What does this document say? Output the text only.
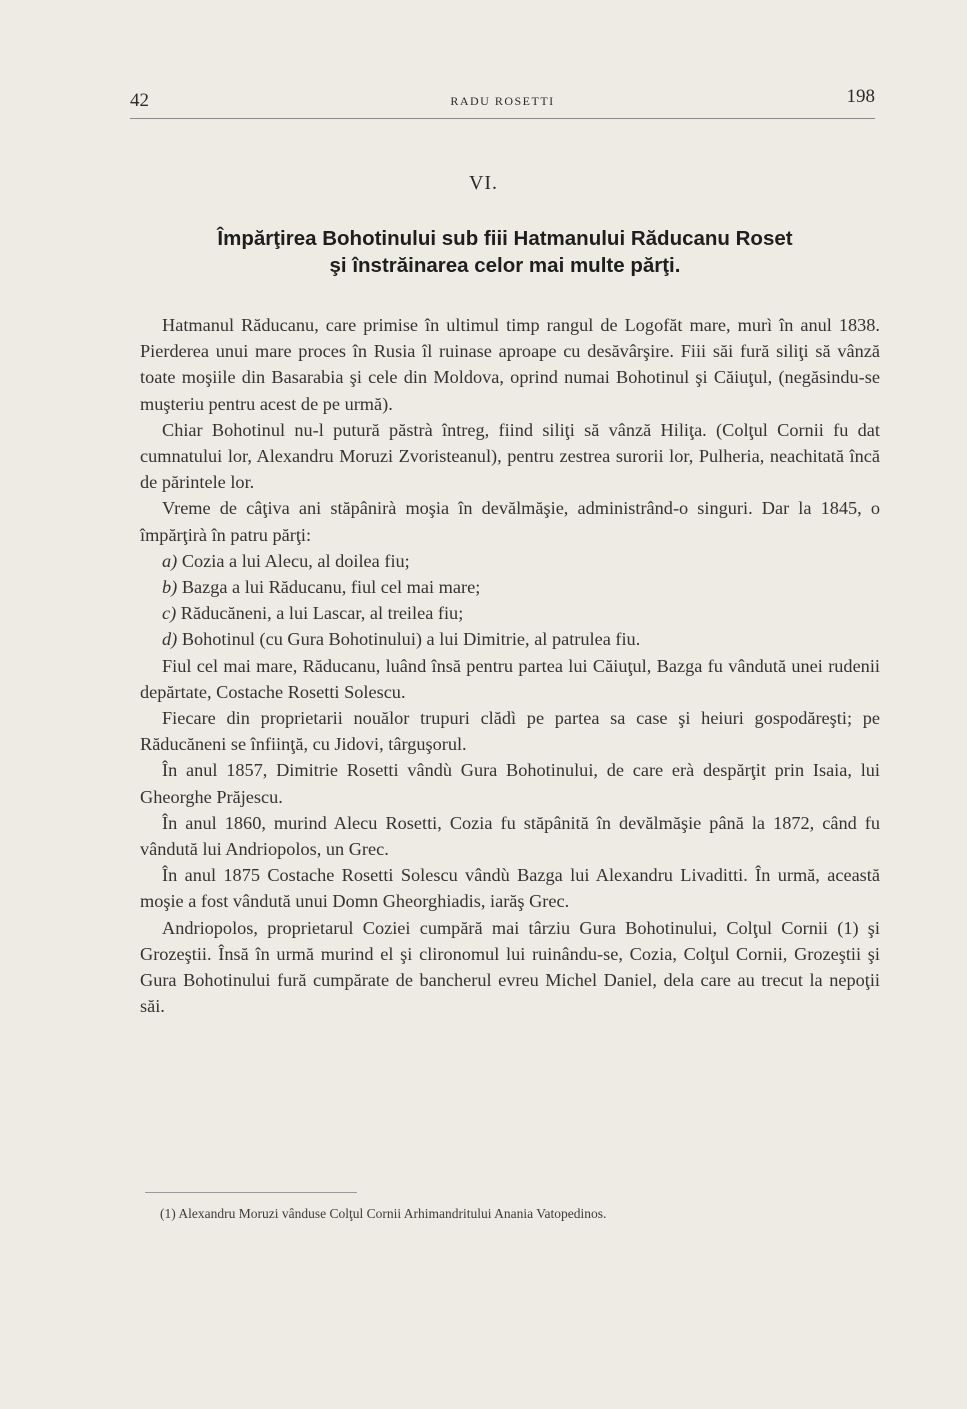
42	RADU ROSETTI	198
VI.
Împărţirea Bohotinului sub fiii Hatmanului Răducanu Roset
şi înstrăinarea celor mai multe părţi.

Hatmanul Răducanu, care primise în ultimul timp rangul de Logofăt mare, murì în anul 1838. Pierderea unui mare proces în Rusia îl ruinase aproape cu desăvârşire. Fiii săi fură siliţi să vânză toate moşiile din Basarabia şi cele din Moldova, oprind numai Bohotinul şi Căiuţul, (negăsindu-se muşteriu pentru acest de pe urmă).

Chiar Bohotinul nu-l putură păstrà întreg, fiind siliţi să vânză Hiliţa. (Colţul Cornii fu dat cumnatului lor, Alexandru Moruzi Zvoristeanul), pentru zestrea surorii lor, Pulheria, neachitată încă de părintele lor.

Vreme de câţiva ani stăpânirà moşia în devălmăşie, administrând-o singuri. Dar la 1845, o împărţirà în patru părţi:

a) Cozia a lui Alecu, al doilea fiu;

b) Bazga a lui Răducanu, fiul cel mai mare;

c) Răducăneni, a lui Lascar, al treilea fiu;

d) Bohotinul (cu Gura Bohotinului) a lui Dimitrie, al patrulea fiu.

Fiul cel mai mare, Răducanu, luând însă pentru partea lui Căiuţul, Bazga fu vândută unei rudenii depărtate, Costache Rosetti Solescu.

Fiecare din proprietarii nouălor trupuri clădì pe partea sa case şi heiuri gospodăreşti; pe Răducăneni se înfiinţă, cu Jidovi, târguşorul.

În anul 1857, Dimitrie Rosetti vândù Gura Bohotinului, de care erà despărţit prin Isaia, lui Gheorghe Prăjescu.

În anul 1860, murind Alecu Rosetti, Cozia fu stăpânită în devălmăşie până la 1872, când fu vândută lui Andriopolos, un Grec.

În anul 1875 Costache Rosetti Solescu vândù Bazga lui Alexandru Livaditti. În urmă, această moşie a fost vândută unui Domn Gheorghiadis, iarăş Grec.

Andriopolos, proprietarul Coziei cumpără mai târziu Gura Bohotinului, Colţul Cornii (1) şi Grozeştii. Însă în urmă murind el şi clironomul lui ruinându-se, Cozia, Colţul Cornii, Grozeştii şi Gura Bohotinului fură cumpărate de bancherul evreu Michel Daniel, dela care au trecut la nepoţii săi.

(1) Alexandru Moruzi vânduse Colţul Cornii Arhimandritului Anania Vatopedinos.
